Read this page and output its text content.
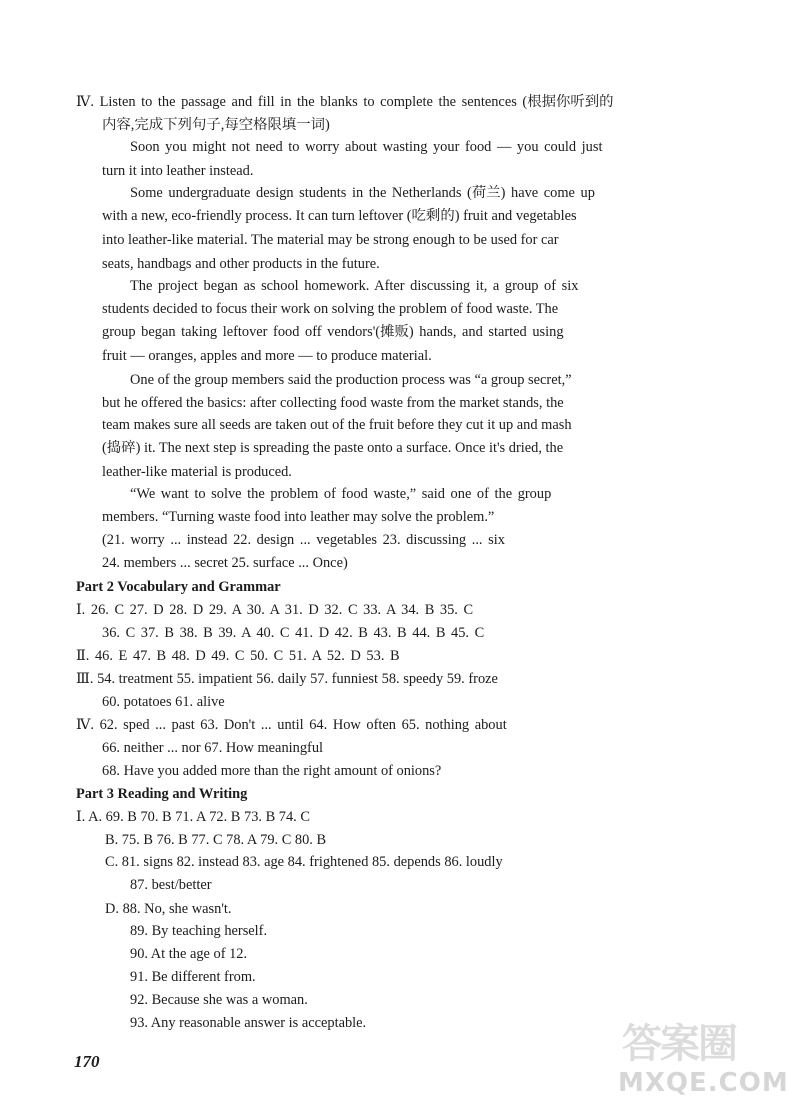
Ⅳ. Listen to the passage and fill in the blanks to complete the sentences (根据你听到的
内容,完成下列句子,每空格限填一词)
Soon you might not need to worry about wasting your food — you could just
turn it into leather instead.
Some undergraduate design students in the Netherlands (荷兰) have come up
with a new, eco-friendly process. It can turn leftover (吃剩的) fruit and vegetables
into leather-like material. The material may be strong enough to be used for car
seats, handbags and other products in the future.
The project began as school homework. After discussing it, a group of six
students decided to focus their work on solving the problem of food waste. The
group began taking leftover food off vendors'(摊贩) hands, and started using
fruit — oranges, apples and more — to produce material.
One of the group members said the production process was “a group secret,”
but he offered the basics: after collecting food waste from the market stands, the
team makes sure all seeds are taken out of the fruit before they cut it up and mash
(捣碎) it. The next step is spreading the paste onto a surface. Once it's dried, the
leather-like material is produced.
“We want to solve the problem of food waste,” said one of the group
members. “Turning waste food into leather may solve the problem.”
(21. worry ... instead 22. design ... vegetables 23. discussing ... six
24. members ... secret 25. surface ... Once)
Part 2 Vocabulary and Grammar
Ⅰ. 26. C 27. D 28. D 29. A 30. A 31. D 32. C 33. A 34. B 35. C
36. C 37. B 38. B 39. A 40. C 41. D 42. B 43. B 44. B 45. C
Ⅱ. 46. E 47. B 48. D 49. C 50. C 51. A 52. D 53. B
Ⅲ. 54. treatment 55. impatient 56. daily 57. funniest 58. speedy 59. froze
60. potatoes 61. alive
Ⅳ. 62. sped ... past 63. Don't ... until 64. How often 65. nothing about
66. neither ... nor 67. How meaningful
68. Have you added more than the right amount of onions?
Part 3 Reading and Writing
Ⅰ. A. 69. B 70. B 71. A 72. B 73. B 74. C
B. 75. B 76. B 77. C 78. A 79. C 80. B
C. 81. signs 82. instead 83. age 84. frightened 85. depends 86. loudly
87. best/better
D. 88. No, she wasn't.
89. By teaching herself.
90. At the age of 12.
91. Be different from.
92. Because she was a woman.
93. Any reasonable answer is acceptable.
170	答案圈
MXQE.COM
